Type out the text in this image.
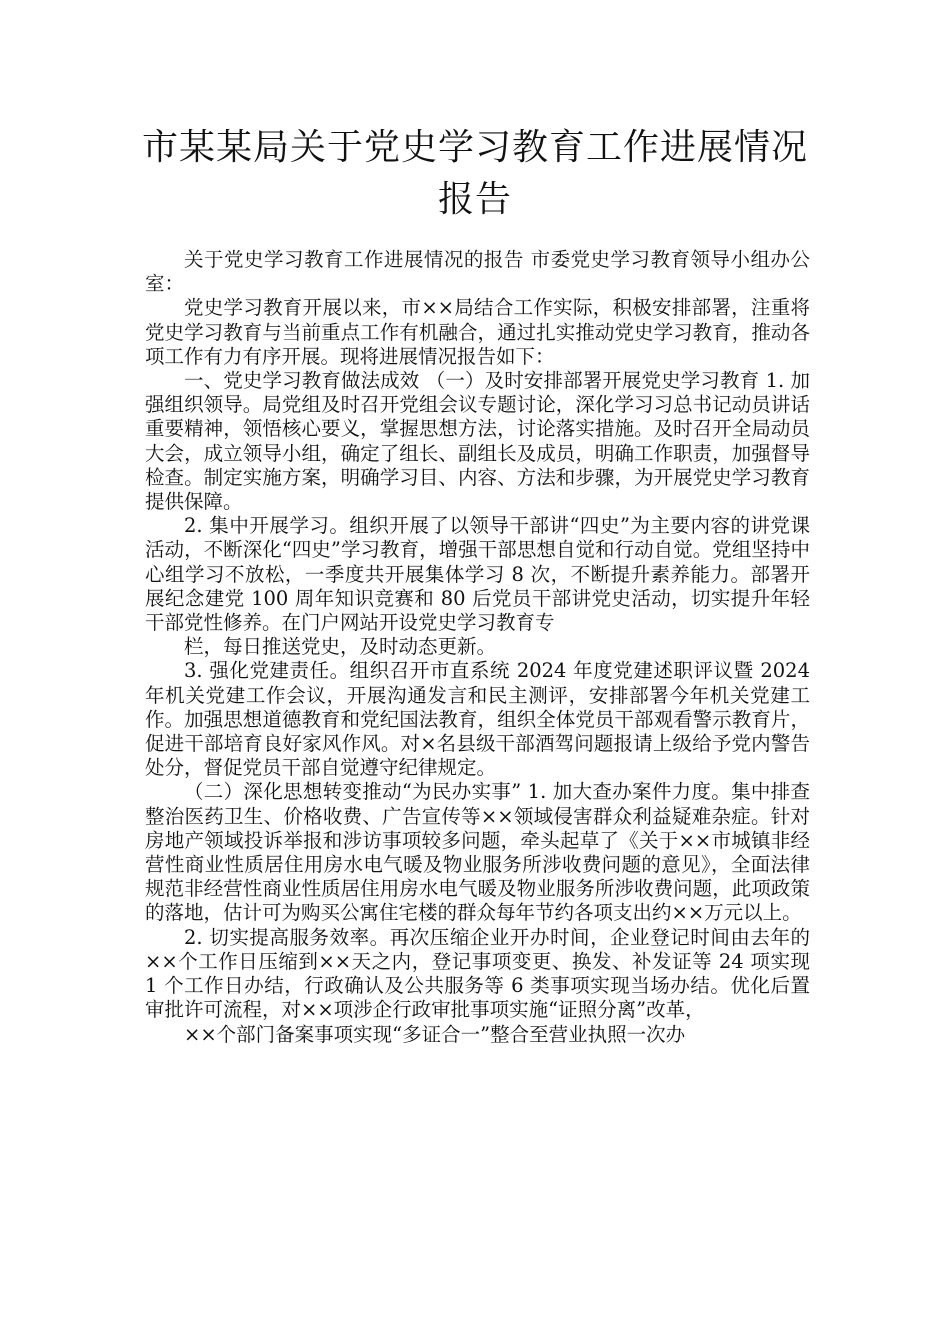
市某某局关于党史学习教育工作进展情况
报告

关于党史学习教育工作进展情况的报告 市委党史学习教育领导小组办公室：

党史学习教育开展以来，市××局结合工作实际，积极安排部署，注重将党史学习教育与当前重点工作有机融合，通过扎实推动党史学习教育，推动各项工作有力有序开展。现将进展情况报告如下：

一、党史学习教育做法成效 （一）及时安排部署开展党史学习教育 1. 加强组织领导。局党组及时召开党组会议专题讨论，深化学习习总书记动员讲话重要精神，领悟核心要义，掌握思想方法，讨论落实措施。及时召开全局动员大会，成立领导小组，确定了组长、副组长及成员，明确工作职责，加强督导检查。制定实施方案，明确学习目、内容、方法和步骤，为开展党史学习教育提供保障。

2. 集中开展学习。组织开展了以领导干部讲“四史”为主要内容的讲党课活动，不断深化“四史”学习教育，增强干部思想自觉和行动自觉。党组坚持中心组学习不放松，一季度共开展集体学习 8 次，不断提升素养能力。部署开展纪念建党 100 周年知识竞赛和 80 后党员干部讲党史活动，切实提升年轻干部党性修养。在门户网站开设党史学习教育专

栏，每日推送党史，及时动态更新。

3. 强化党建责任。组织召开市直系统 2024 年度党建述职评议暨 2024 年机关党建工作会议，开展沟通发言和民主测评，安排部署今年机关党建工作。加强思想道德教育和党纪国法教育，组织全体党员干部观看警示教育片，促进干部培育良好家风作风。对×名县级干部酒驾问题报请上级给予党内警告处分，督促党员干部自觉遵守纪律规定。

（二）深化思想转变推动“为民办实事” 1. 加大查办案件力度。集中排查整治医药卫生、价格收费、广告宣传等××领域侵害群众利益疑难杂症。针对房地产领域投诉举报和涉访事项较多问题，牵头起草了《关于××市城镇非经营性商业性质居住用房水电气暖及物业服务所涉收费问题的意见》，全面法律规范非经营性商业性质居住用房水电气暖及物业服务所涉收费问题，此项政策的落地，估计可为购买公寓住宅楼的群众每年节约各项支出约××万元以上。

2. 切实提高服务效率。再次压缩企业开办时间，企业登记时间由去年的××个工作日压缩到××天之内，登记事项变更、换发、补发证等 24 项实现 1 个工作日办结，行政确认及公共服务等 6 类事项实现当场办结。优化后置审批许可流程，对××项涉企行政审批事项实施“证照分离”改革，

××个部门备案事项实现“多证合一”整合至营业执照一次办
